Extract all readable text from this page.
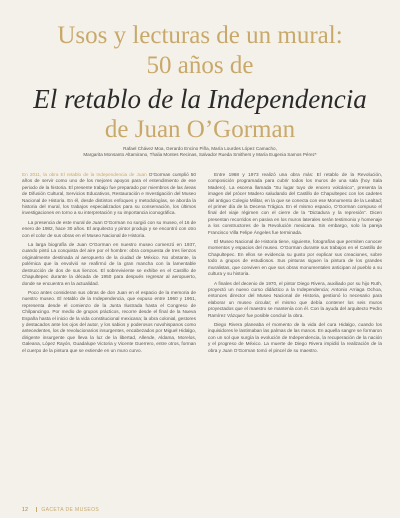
Usos y lecturas de un mural:
50 años de
El retablo de la Independencia
de Juan O’Gorman
Rafael Chávez Moa, Gerardo Encino Piña, María Lourdes López Camacho,
Margarita Monsanto Altamirano, Thalia Montes Recinas, Salvador Rueda Smithers y María Eugenia Samos Pérez*

En 2011, la obra El retablo de la Independencia de Juan O’Gorman cumplió 50 años de servir como uno de los mejores apoyos para el entendimiento de ese periodo de la historia. El presente trabajo fue preparado por miembros de las áreas de Difusión Cultural, Servicios Educativos, Restauración e Investigación del Museo Nacional de Historia. En él, desde distintos enfoques y metodologías, se aborda la historia del mural, los trabajos especializados para su conservación, los últimos investigaciones en torno a su interpretación y su importancia iconográfica.

La presencia de este mural de Juan O’Gorman no surgió con su museo, el 16 de enero de 1982, hace 30 años. El arquitecto y pintor produjo y se encontró con otro con el color de sus obras en el Museo Nacional de Historia.

La larga biografía de Juan O’Gorman en nuestro museo comenzó en 1937, cuando pintó La conquista del aire por el hombre: obra compuesta de tres lienzos originalmente destinada al aeropuerto de la ciudad de México. No obstante, la polémica que la envolvió se reafirmó de la gran mancha con la lamentable destrucción de dos de sus lienzos. El sobreviviente se exhibe en el Castillo de Chapultepec durante la década de 1950 para después regresar al aeropuerto, donde se encuentra en la actualidad.

Poco antes consideran sus obras de don Juan en el espacio de la memoria de nuestro museo. El retablo de la Independencia, que expuso entre 1960 y 1961, representa desde el comienzo de la Junta Ilustrada hasta el Congreso de Chilpancingo. Por medio de grupos prácticos, recorre desde el final de la Nueva España hasta el inicio de la vida constitucional mexicana; la obra colonial, gestores y destacados ante los ojos del autor, y los sabios y poderosos novohispanos como antecedentes, los de revolucionarios insurgentes, encabezados por Miguel Hidalgo, dirigente insurgente que lleva la luz de la libertad, Allende, Aldama, Morelos, Galeana, López Rayón, Guadalupe Victoria y Vicente Guerrero, entre otros, forman el cuerpo de la pintura que se extiende en un muro curvo.

Entre 1968 y 1973 realizó una obra más: El retablo de la Revolución, composición programada para cubrir todos los muros de una sala (hoy Sala Madero). La escena llamada “Su lugar tuyo de encero volcánico”, presenta la imagen del prócer Madero saludando del Castillo de Chapultepec con los cadetes del antiguo Colegio Militar, en la que se conecta con ese Monumento de la Lealtad; el primer día de la Decena Trágica. En el mismo espacio, O’Gorman compuso el final del viaje régimen con el cierre de la “Dictadura y la represión”. Dicen presentan recorridos en pasiva en los muros laterales serán testimonio y homenaje a los constructores de la Revolución mexicana. Sin embargo, solo la pareja Francisco Villa Felipe Ángeles fue terminada.

El Museo Nacional de Historia tiene, siguiente, fotografías que permiten conocer momentos y espacios del museo. O’Gorman durante sus trabajos en el Castillo de Chapultepec. En ellos se evidencia su gusto por explicar sus creaciones, sobre todo a grupos de estudiosos. Sus pinturas siguen la pintura de los grandes muralistas, que conviven en que sus obras monumentales anticipan al pueblo a su cultura y su historia.

A finales del decenio de 1970, el pintor Diego Rivera, auxiliado por su hijo Ruth, proyectó un nuevo curso didáctico a la Independencia; Antonio Arriaga Ochoa, entonces director del Museo Nacional de Historia, gestionó lo necesario para elaborar un museo circular; el mismo que debía contener los seis muros proyectados que el maestro se mantenía con él. Con la ayuda del arquitecto Pedro Ramírez Vázquez fue posible concluir la obra.

Diego Rivera planeaba el momento de la vida del cura Hidalgo, cuando los inquisidores le lastimaban las palmas de las manos. En aquella sangre se formaron con un sol que surgía la evolución de Independencia, la recuperación de la nación y el progreso de México. La muerte de Diego Rivera impidió la realización de la obra y Juan O’Gorman tomó el pincel de su maestro.

12	GACETA DE MUSEOS
